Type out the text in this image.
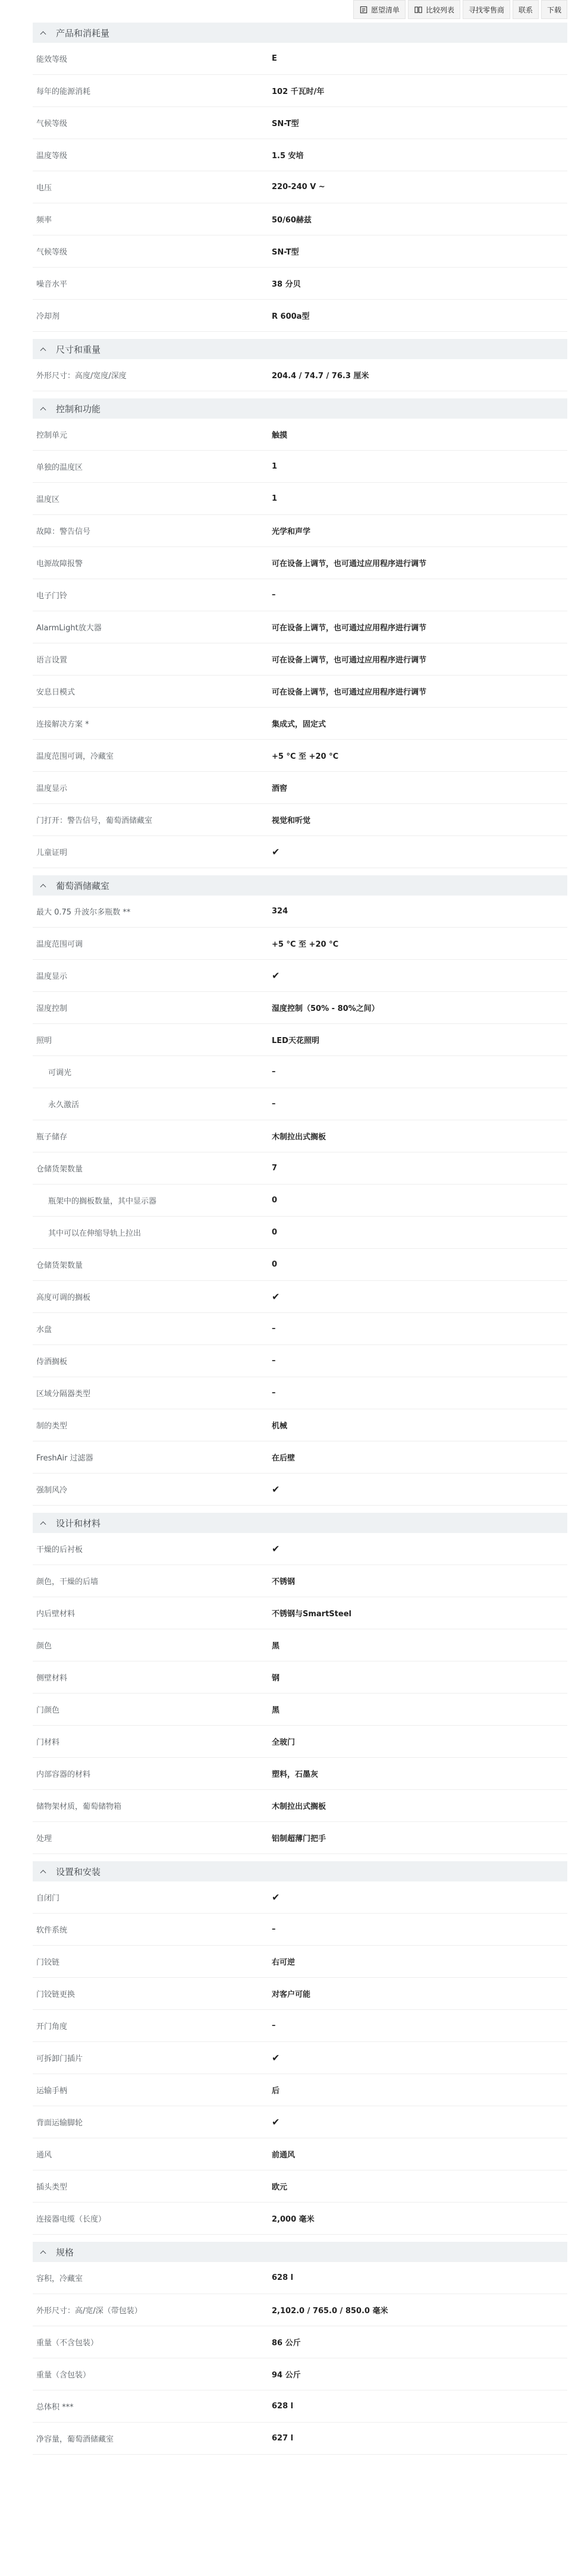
愿望清单	比较列表 寻找零售商 联系 下载
产品和消耗量
能效等级	E
每年的能源消耗	102 千瓦时/年
气候等级	SN-T型
温度等级	1.5 安培
电压	220-240 V ~
频率	50/60赫兹
气候等级	SN-T型
噪音水平	38 分贝
冷却剂	R 600a型
尺寸和重量
外形尺寸：高度/宽度/深度	204.4 / 74.7 / 76.3 厘米
控制和功能
控制单元	触摸
单独的温度区	1
温度区	1
故障：警告信号	光学和声学
电源故障报警	可在设备上调节，也可通过应用程序进行调节
电子门铃	–
AlarmLight放大器	可在设备上调节，也可通过应用程序进行调节
语言设置	可在设备上调节，也可通过应用程序进行调节
安息日模式	可在设备上调节，也可通过应用程序进行调节
连接解决方案 *	集成式，固定式
温度范围可调，冷藏室	+5 °C 至 +20 °C
温度显示	酒窖
门打开：警告信号，葡萄酒储藏室	视觉和听觉
儿童证明	✔
葡萄酒储藏室
最大 0.75 升波尔多瓶数 **	324
温度范围可调	+5 °C 至 +20 °C
温度显示	✔
湿度控制	湿度控制（50% - 80%之间）
照明	LED天花照明
可调光	–
永久激活	–
瓶子储存	木制拉出式搁板
仓储货架数量	7
瓶架中的搁板数量，其中显示器	0
其中可以在伸缩导轨上拉出	0
仓储货架数量	0
高度可调的搁板	✔
水盘	–
侍酒搁板	–
区域分隔器类型	–
制的类型	机械
FreshAir 过滤器	在后壁
强制风冷	✔
设计和材料
干燥的后衬板	✔
颜色，干燥的后墙	不锈钢
内后壁材料	不锈钢与SmartSteel
颜色	黑
侧壁材料	钢
门颜色	黑
门材料	全玻门
内部容器的材料	塑料，石墨灰
储物架材质，葡萄储物箱	木制拉出式搁板
处理	铝制超薄门把手
设置和安装
自闭门	✔
软件系统	–
门铰链	右可逆
门铰链更换	对客户可能
开门角度	–
可拆卸门插片	✔
运输手柄	后
背面运输脚轮	✔
通风	前通风
插头类型	欧元
连接器电缆（长度）	2,000 毫米
规格
容积，冷藏室	628 l
外形尺寸：高/宽/深（带包装）	2,102.0 / 765.0 / 850.0 毫米
重量（不含包装）	86 公斤
重量（含包装）	94 公斤
总体积 ***	628 l
净容量，葡萄酒储藏室	627 l
